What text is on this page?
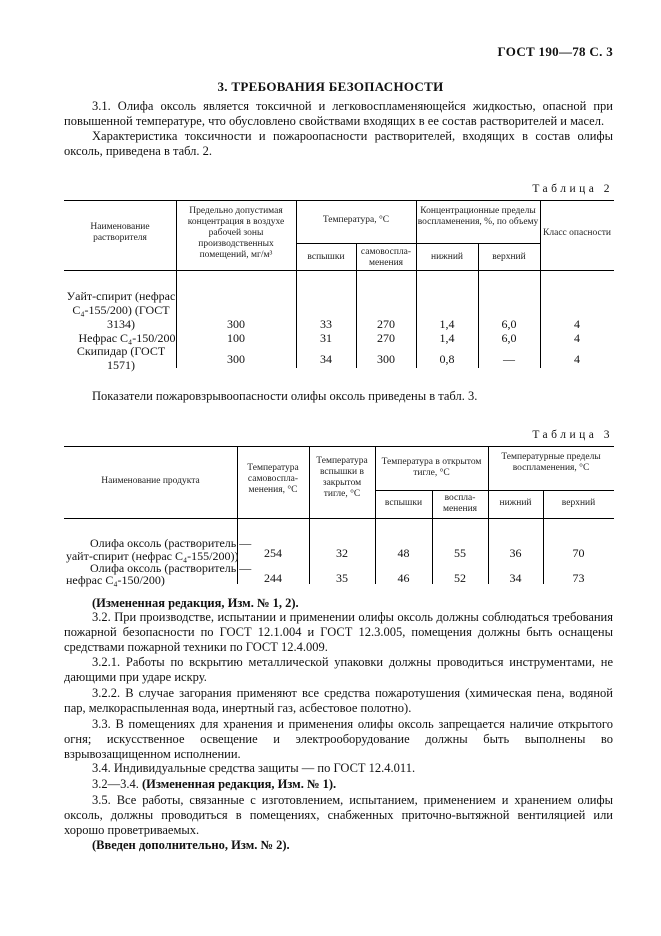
ГОСТ 190—78 С. 3
3. ТРЕБОВАНИЯ БЕЗОПАСНОСТИ
3.1. Олифа оксоль является токсичной и легковоспламеняющейся жидкостью, опасной при повышенной температуре, что обусловлено свойствами входящих в ее состав растворителей и масел.
Характеристика токсичности и пожароопасности растворителей, входящих в состав олифы оксоль, приведена в табл. 2.
Таблица 2
Наименование растворителя
Предельно допустимая концентрация в воздухе рабочей зоны производственных помещений, мг/м³
Температура, °С
вспышки	самовоспла-менения
Концентрационные пределы воспламенения, %, по объему
нижний	верхний
Класс опасности
Уайт-спирит (нефрас С₄-155/200) (ГОСТ 3134)	300	33	270	1,4	6,0	4
Нефрас С₄-150/200	100	31	270	1,4	6,0	4
Скипидар (ГОСТ 1571)	300	34	300	0,8	—	4
Показатели пожаровзрывоопасности олифы оксоль приведены в табл. 3.
Таблица 3
Наименование продукта
Температура самовоспла-менения, °С
Температура вспышки в закрытом тигле, °С
Температура в открытом тигле, °С
вспышки	воспла-менения
Температурные пределы воспламенения, °С
нижний	верхний
Олифа оксоль (растворитель —
уайт-спирит (нефрас С₄-155/200))	254	32	48	55	36	70
Олифа оксоль (растворитель —
нефрас С₄-150/200)	244	35	46	52	34	73
(Измененная редакция, Изм. № 1, 2).
3.2. При производстве, испытании и применении олифы оксоль должны соблюдаться требования пожарной безопасности по ГОСТ 12.1.004 и ГОСТ 12.3.005, помещения должны быть оснащены средствами пожарной техники по ГОСТ 12.4.009.
3.2.1. Работы по вскрытию металлической упаковки должны проводиться инструментами, не дающими при ударе искру.
3.2.2. В случае загорания применяют все средства пожаротушения (химическая пена, водяной пар, мелкораспыленная вода, инертный газ, асбестовое полотно).
3.3. В помещениях для хранения и применения олифы оксоль запрещается наличие открытого огня; искусственное освещение и электрооборудование должны быть выполнены во взрывозащищенном исполнении.
3.4. Индивидуальные средства защиты — по ГОСТ 12.4.011.
3.2—3.4. (Измененная редакция, Изм. № 1).
3.5. Все работы, связанные с изготовлением, испытанием, применением и хранением олифы оксоль, должны проводиться в помещениях, снабженных приточно-вытяжной вентиляцией или хорошо проветриваемых.
(Введен дополнительно, Изм. № 2).
